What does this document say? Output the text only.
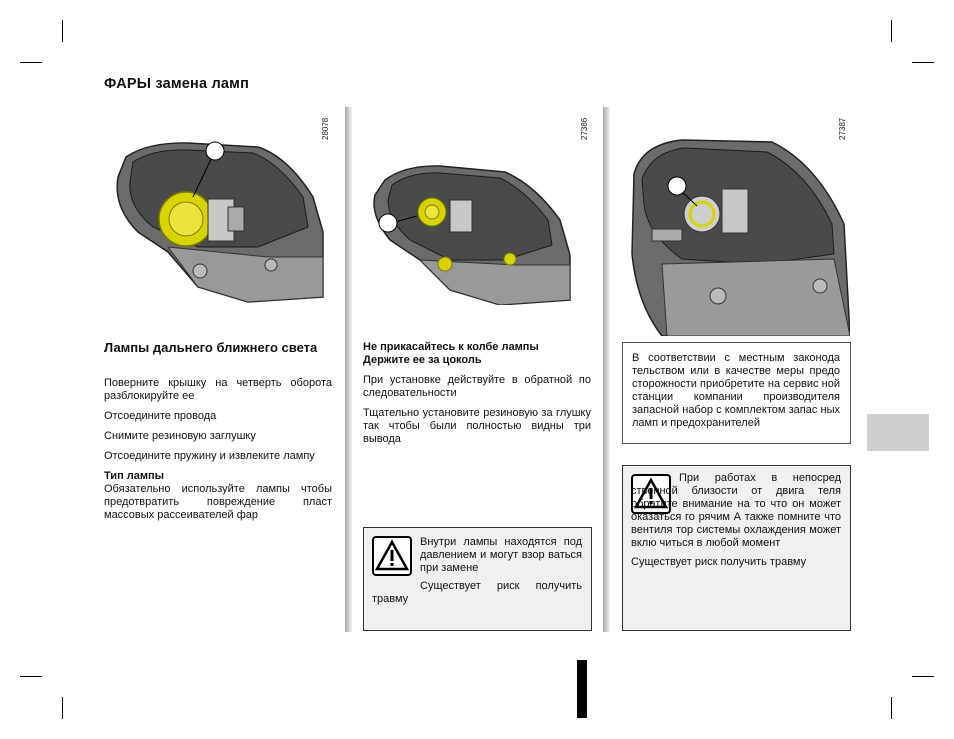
ФАРЫ замена ламп
28078
Лампы дальнего ближнего света

Поверните крышку на четверть оборота разблокируйте ее

Отсоедините провода

Снимите резиновую заглушку

Отсоедините пружину и извлеките лампу

Тип лампы

Обязательно используйте лампы чтобы предотвратить повреждение пласт массовых рассеивателей фар

27386
Не прикасайтесь к колбе лампы
Держите ее за цоколь

При установке действуйте в обратной по следовательности

Тщательно установите резиновую за глушку так чтобы были полностью видны три вывода

Внутри лампы находятся под давлением и могут взор ваться при замене

Существует риск получить травму

27387
В соответствии с местным законода тельством или в качестве меры предо сторожности приобретите на сервис ной станции компании производителя запасной набор с комплектом запас ных ламп и предохранителей

При работах в непосред ственной близости от двига теля обратите внимание на то что он может оказаться го рячим А также помните что вентиля тор системы охлаждения может вклю читься в любой момент

Существует риск получить травму
